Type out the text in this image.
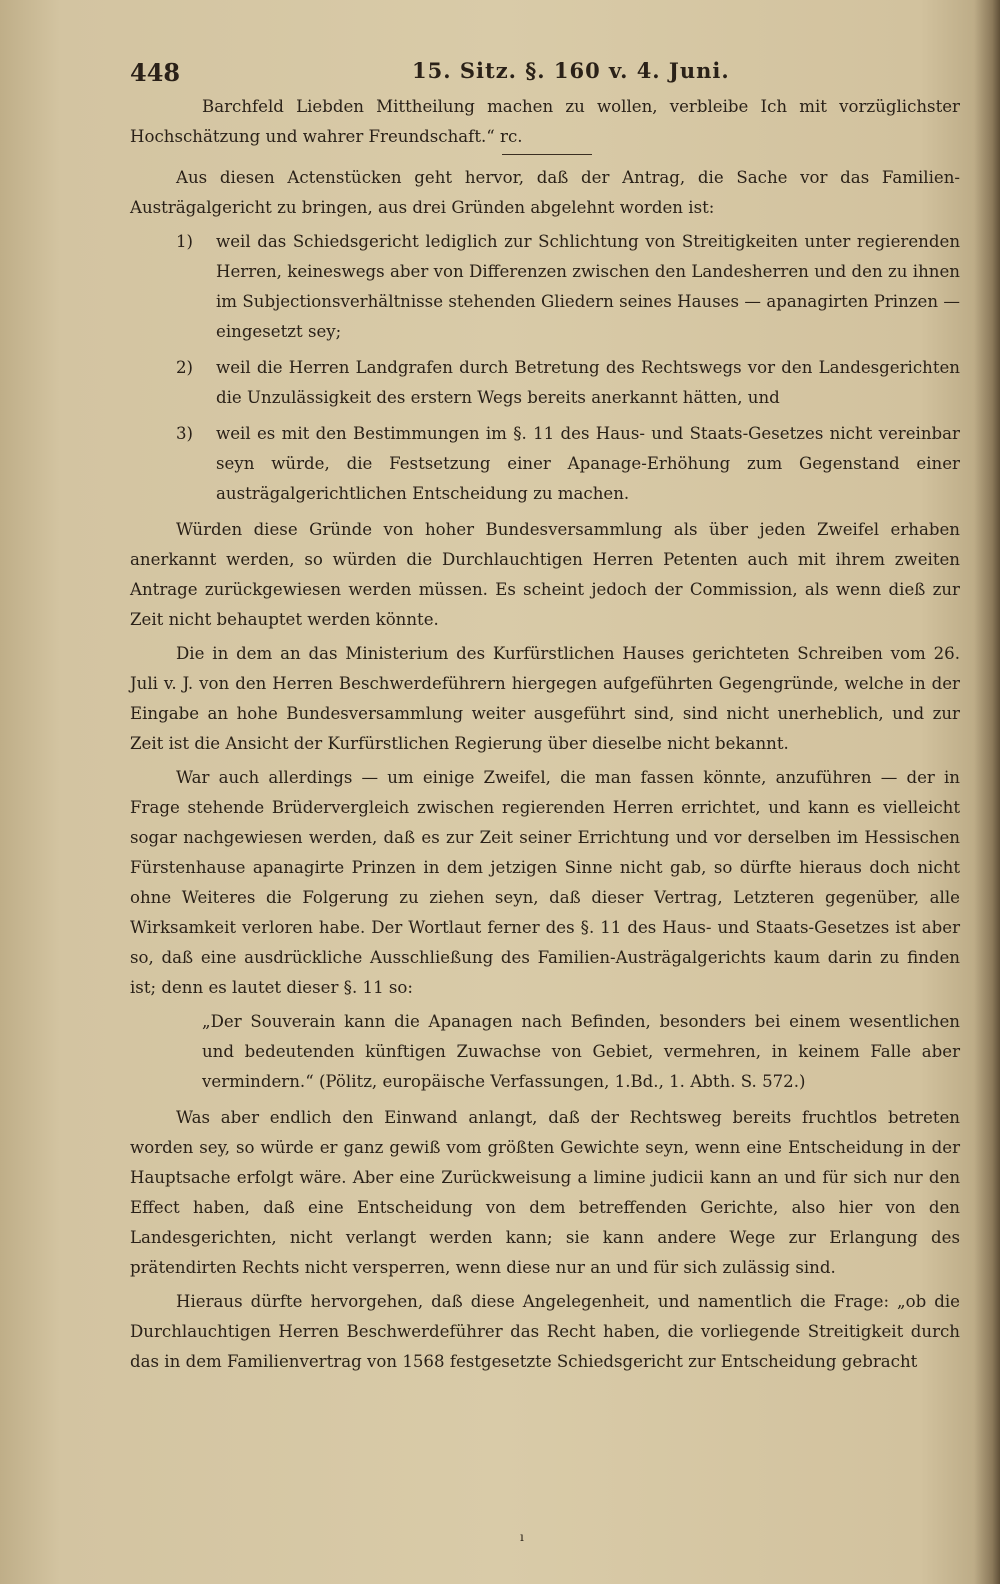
448	15. Sitz. §. 160 v. 4. Juni.

Barchfeld Liebden Mittheilung machen zu wollen, verbleibe Ich mit vorzüglichster Hochschätzung und wahrer Freundschaft.“ rc.

Aus diesen Actenstücken geht hervor, daß der Antrag, die Sache vor das Familien-Austrägalgericht zu bringen, aus drei Gründen abgelehnt worden ist:

1) weil das Schiedsgericht lediglich zur Schlichtung von Streitigkeiten unter regierenden Herren, keineswegs aber von Differenzen zwischen den Landesherren und den zu ihnen im Subjectionsverhältnisse stehenden Gliedern seines Hauses — apanagirten Prinzen — eingesetzt sey;
2) weil die Herren Landgrafen durch Betretung des Rechtswegs vor den Landesgerichten die Unzulässigkeit des erstern Wegs bereits anerkannt hätten, und
3) weil es mit den Bestimmungen im §. 11 des Haus- und Staats-Gesetzes nicht vereinbar seyn würde, die Festsetzung einer Apanage-Erhöhung zum Gegenstand einer austrägalgerichtlichen Entscheidung zu machen.

Würden diese Gründe von hoher Bundesversammlung als über jeden Zweifel erhaben anerkannt werden, so würden die Durchlauchtigen Herren Petenten auch mit ihrem zweiten Antrage zurückgewiesen werden müssen. Es scheint jedoch der Commission, als wenn dieß zur Zeit nicht behauptet werden könnte.

Die in dem an das Ministerium des Kurfürstlichen Hauses gerichteten Schreiben vom 26. Juli v. J. von den Herren Beschwerdeführern hiergegen aufgeführten Gegengründe, welche in der Eingabe an hohe Bundesversammlung weiter ausgeführt sind, sind nicht unerheblich, und zur Zeit ist die Ansicht der Kurfürstlichen Regierung über dieselbe nicht bekannt.

War auch allerdings — um einige Zweifel, die man fassen könnte, anzuführen — der in Frage stehende Brüdervergleich zwischen regierenden Herren errichtet, und kann es vielleicht sogar nachgewiesen werden, daß es zur Zeit seiner Errichtung und vor derselben im Hessischen Fürstenhause apanagirte Prinzen in dem jetzigen Sinne nicht gab, so dürfte hieraus doch nicht ohne Weiteres die Folgerung zu ziehen seyn, daß dieser Vertrag, Letzteren gegenüber, alle Wirksamkeit verloren habe. Der Wortlaut ferner des §. 11 des Haus- und Staats-Gesetzes ist aber so, daß eine ausdrückliche Ausschließung des Familien-Austrägalgerichts kaum darin zu finden ist; denn es lautet dieser §. 11 so:

„Der Souverain kann die Apanagen nach Befinden, besonders bei einem wesentlichen und bedeutenden künftigen Zuwachse von Gebiet, vermehren, in keinem Falle aber vermindern.“ (Pölitz, europäische Verfassungen, 1.Bd., 1. Abth. S. 572.)

Was aber endlich den Einwand anlangt, daß der Rechtsweg bereits fruchtlos betreten worden sey, so würde er ganz gewiß vom größten Gewichte seyn, wenn eine Entscheidung in der Hauptsache erfolgt wäre. Aber eine Zurückweisung a limine judicii kann an und für sich nur den Effect haben, daß eine Entscheidung von dem betreffenden Gerichte, also hier von den Landesgerichten, nicht verlangt werden kann; sie kann andere Wege zur Erlangung des prätendirten Rechts nicht versperren, wenn diese nur an und für sich zulässig sind.

Hieraus dürfte hervorgehen, daß diese Angelegenheit, und namentlich die Frage: „ob die Durchlauchtigen Herren Beschwerdeführer das Recht haben, die vorliegende Streitigkeit durch das in dem Familienvertrag von 1568 festgesetzte Schiedsgericht zur Entscheidung gebracht

ı
